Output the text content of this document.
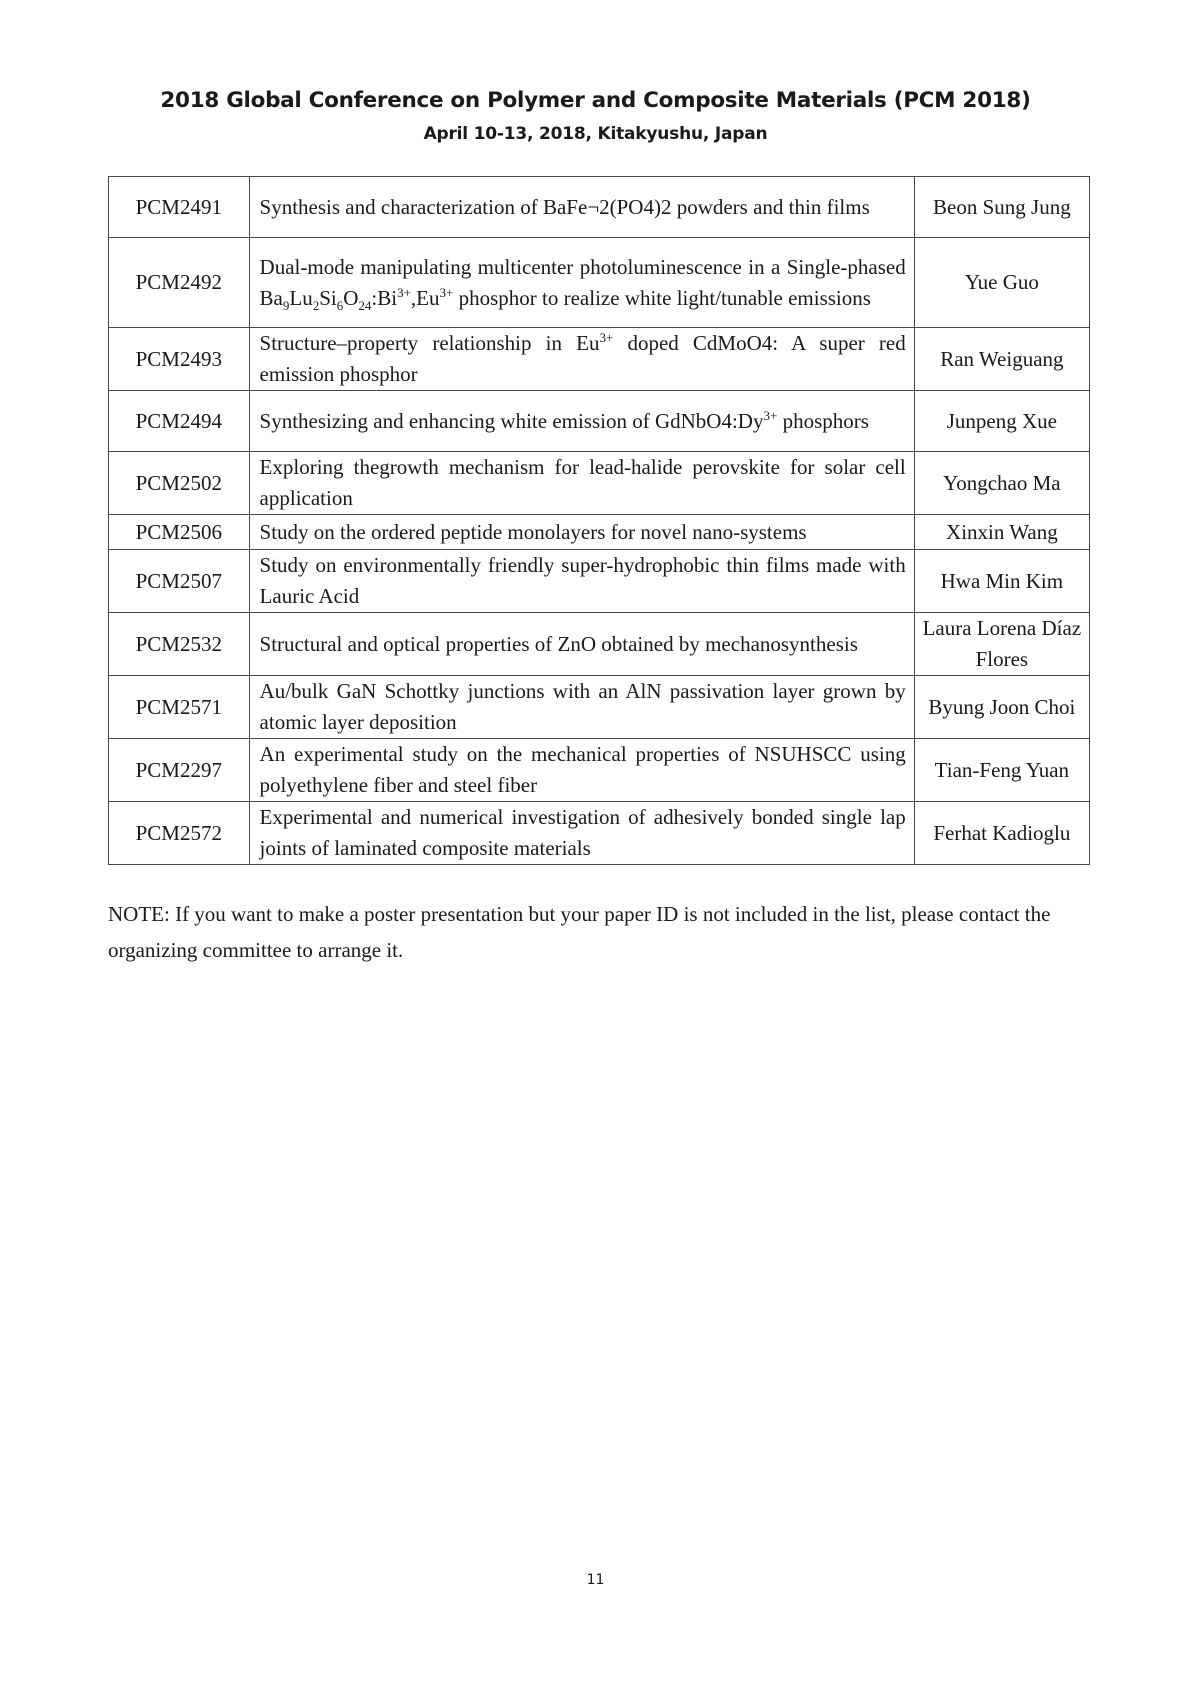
2018 Global Conference on Polymer and Composite Materials (PCM 2018)
April 10-13, 2018, Kitakyushu, Japan
PCM2491	Synthesis and characterization of BaFe¬2(PO4)2 powders and thin films	Beon Sung Jung
PCM2492	Dual-mode manipulating multicenter photoluminescence in a Single-phased $Ba_9Lu_2Si_6O_{24}:Bi^{3+},Eu^{3+}$ phosphor to realize white light/tunable emissions	Yue Guo
PCM2493	Structure–property relationship in $Eu^{3+}$ doped CdMoO4: A super red emission phosphor	Ran Weiguang
PCM2494	Synthesizing and enhancing white emission of $GdNbO4:Dy^{3+}$ phosphors	Junpeng Xue
PCM2502	Exploring thegrowth mechanism for lead-halide perovskite for solar cell application	Yongchao Ma
PCM2506	Study on the ordered peptide monolayers for novel nano-systems	Xinxin Wang
PCM2507	Study on environmentally friendly super-hydrophobic thin films made with Lauric Acid	Hwa Min Kim
PCM2532	Structural and optical properties of ZnO obtained by mechanosynthesis	Laura Lorena Díaz Flores
PCM2571	Au/bulk GaN Schottky junctions with an AlN passivation layer grown by atomic layer deposition	Byung Joon Choi
PCM2297	An experimental study on the mechanical properties of NSUHSCC using polyethylene fiber and steel fiber	Tian-Feng Yuan
PCM2572	Experimental and numerical investigation of adhesively bonded single lap joints of laminated composite materials	Ferhat Kadioglu
NOTE: If you want to make a poster presentation but your paper ID is not included in the list, please contact the organizing committee to arrange it.
11
